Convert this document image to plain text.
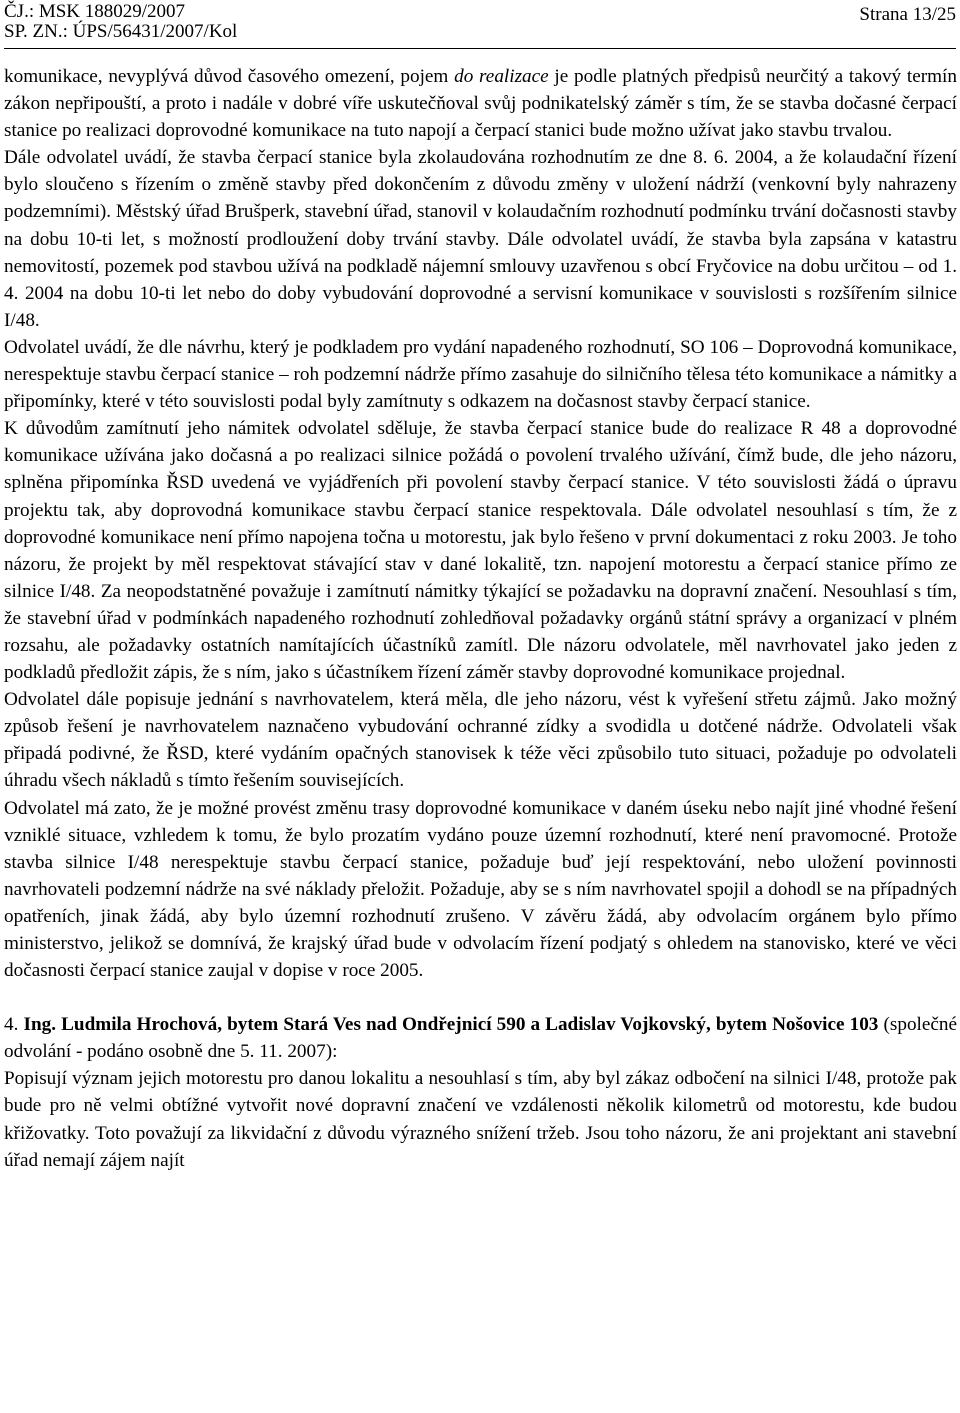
ČJ.: MSK 188029/2007
SP. ZN.: ÚPS/56431/2007/Kol
Strana 13/25

komunikace, nevyplývá důvod časového omezení, pojem do realizace je podle platných předpisů neurčitý a takový termín zákon nepřipouští, a proto i nadále v dobré víře uskutečňoval svůj podnikatelský záměr s tím, že se stavba dočasné čerpací stanice po realizaci doprovodné komunikace na tuto napojí a čerpací stanici bude možno užívat jako stavbu trvalou.

Dále odvolatel uvádí, že stavba čerpací stanice byla zkolaudována rozhodnutím ze dne 8. 6. 2004, a že kolaudační řízení bylo sloučeno s řízením o změně stavby před dokončením z důvodu změny v uložení nádrží (venkovní byly nahrazeny podzemními). Městský úřad Brušperk, stavební úřad, stanovil v kolaudačním rozhodnutí podmínku trvání dočasnosti stavby na dobu 10-ti let, s možností prodloužení doby trvání stavby. Dále odvolatel uvádí, že stavba byla zapsána v katastru nemovitostí, pozemek pod stavbou užívá na podkladě nájemní smlouvy uzavřenou s obcí Fryčovice na dobu určitou – od 1. 4. 2004 na dobu 10-ti let nebo do doby vybudování doprovodné a servisní komunikace v souvislosti s rozšířením silnice I/48.

Odvolatel uvádí, že dle návrhu, který je podkladem pro vydání napadeného rozhodnutí, SO 106 – Doprovodná komunikace, nerespektuje stavbu čerpací stanice – roh podzemní nádrže přímo zasahuje do silničního tělesa této komunikace a námitky a připomínky, které v této souvislosti podal byly zamítnuty s odkazem na dočasnost stavby čerpací stanice.

K důvodům zamítnutí jeho námitek odvolatel sděluje, že stavba čerpací stanice bude do realizace R 48 a doprovodné komunikace užívána jako dočasná a po realizaci silnice požádá o povolení trvalého užívání, čímž bude, dle jeho názoru, splněna připomínka ŘSD uvedená ve vyjádřeních při povolení stavby čerpací stanice. V této souvislosti žádá o úpravu projektu tak, aby doprovodná komunikace stavbu čerpací stanice respektovala. Dále odvolatel nesouhlasí s tím, že z doprovodné komunikace není přímo napojena točna u motorestu, jak bylo řešeno v první dokumentaci z roku 2003. Je toho názoru, že projekt by měl respektovat stávající stav v dané lokalitě, tzn. napojení motorestu a čerpací stanice přímo ze silnice I/48. Za neopodstatněné považuje i zamítnutí námitky týkající se požadavku na dopravní značení. Nesouhlasí s tím, že stavební úřad v podmínkách napadeného rozhodnutí zohledňoval požadavky orgánů státní správy a organizací v plném rozsahu, ale požadavky ostatních namítajících účastníků zamítl. Dle názoru odvolatele, měl navrhovatel jako jeden z podkladů předložit zápis, že s ním, jako s účastníkem řízení záměr stavby doprovodné komunikace projednal.

Odvolatel dále popisuje jednání s navrhovatelem, která měla, dle jeho názoru, vést k vyřešení střetu zájmů. Jako možný způsob řešení je navrhovatelem naznačeno vybudování ochranné zídky a svodidla u dotčené nádrže. Odvolateli však připadá podivné, že ŘSD, které vydáním opačných stanovisek k téže věci způsobilo tuto situaci, požaduje po odvolateli úhradu všech nákladů s tímto řešením souvisejících.

Odvolatel má zato, že je možné provést změnu trasy doprovodné komunikace v daném úseku nebo najít jiné vhodné řešení vzniklé situace, vzhledem k tomu, že bylo prozatím vydáno pouze územní rozhodnutí, které není pravomocné. Protože stavba silnice I/48 nerespektuje stavbu čerpací stanice, požaduje buď její respektování, nebo uložení povinnosti navrhovateli podzemní nádrže na své náklady přeložit. Požaduje, aby se s ním navrhovatel spojil a dohodl se na případných opatřeních, jinak žádá, aby bylo územní rozhodnutí zrušeno. V závěru žádá, aby odvolacím orgánem bylo přímo ministerstvo, jelikož se domnívá, že krajský úřad bude v odvolacím řízení podjatý s ohledem na stanovisko, které ve věci dočasnosti čerpací stanice zaujal v dopise v roce 2005.

4. Ing. Ludmila Hrochová, bytem Stará Ves nad Ondřejnicí 590 a Ladislav Vojkovský, bytem Nošovice 103 (společné odvolání - podáno osobně dne 5. 11. 2007):

Popisují význam jejich motorestu pro danou lokalitu a nesouhlasí s tím, aby byl zákaz odbočení na silnici I/48, protože pak bude pro ně velmi obtížné vytvořit nové dopravní značení ve vzdálenosti několik kilometrů od motorestu, kde budou křižovatky. Toto považují za likvidační z důvodu výrazného snížení tržeb. Jsou toho názoru, že ani projektant ani stavební úřad nemají zájem najít
